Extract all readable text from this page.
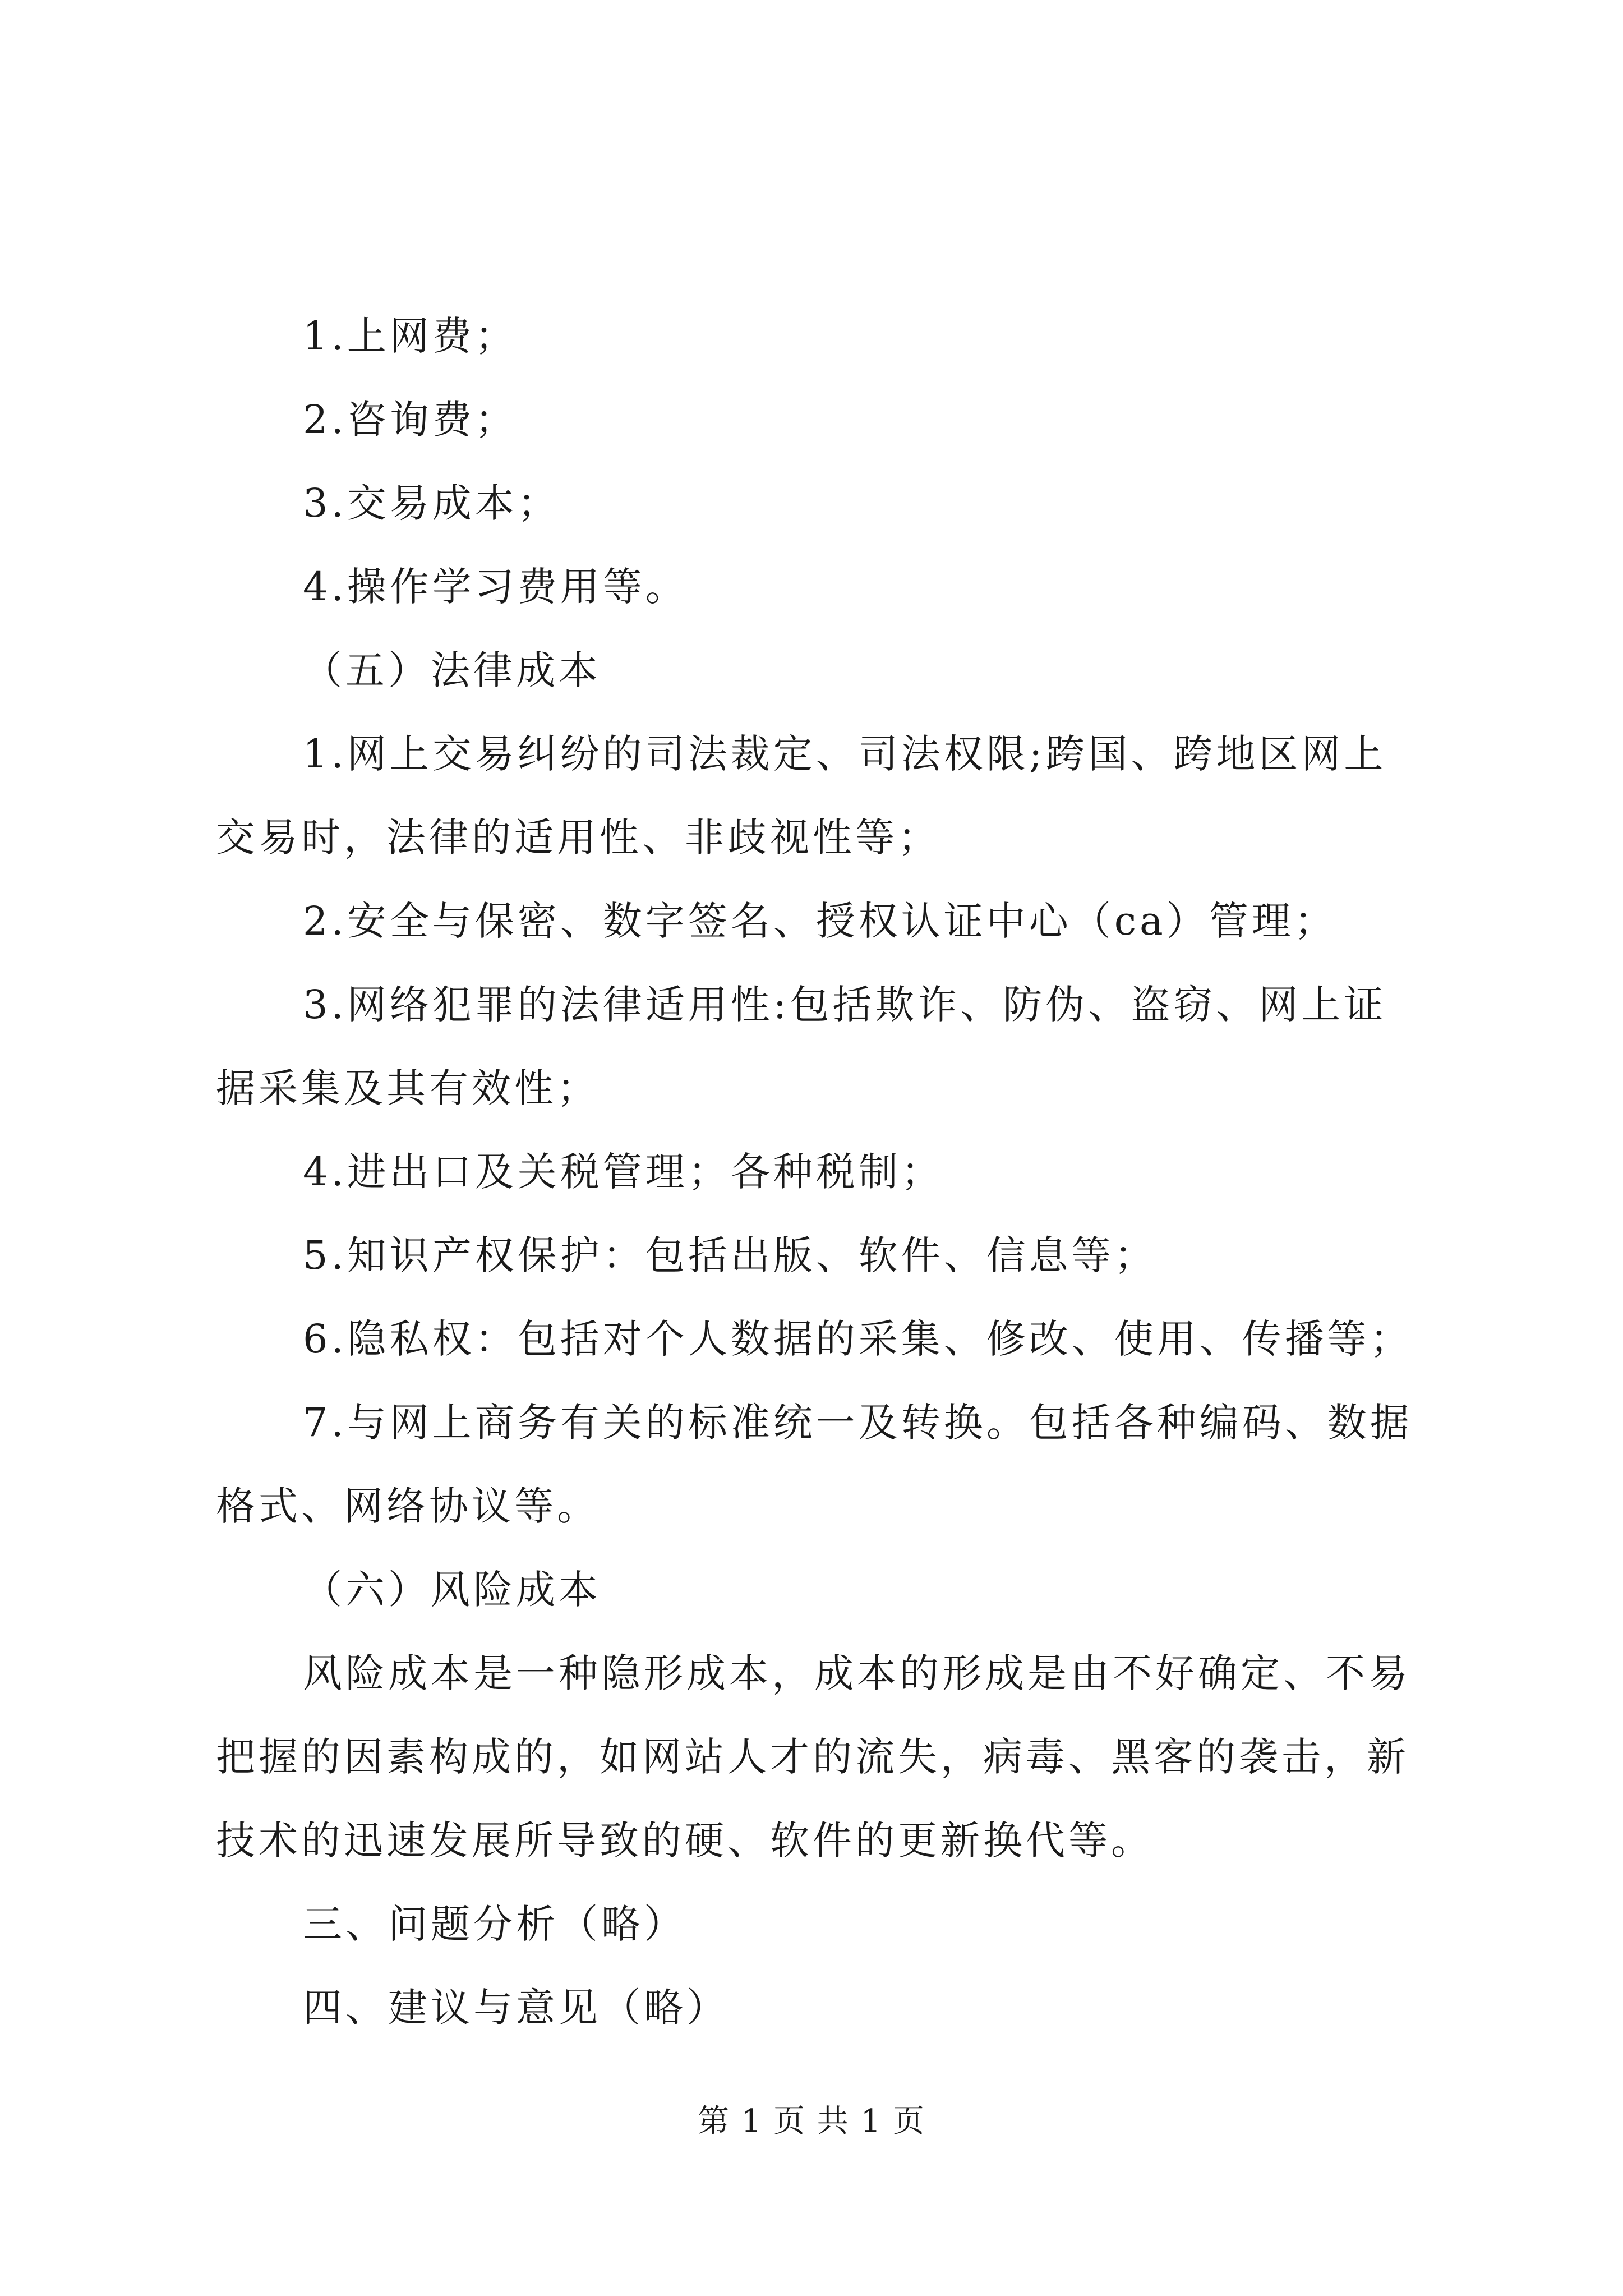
1.上网费；

2.咨询费；

3.交易成本；

4.操作学习费用等。

（五）法律成本

1.网上交易纠纷的司法裁定、司法权限;跨国、跨地区网上交易时，法律的适用性、非歧视性等；

2.安全与保密、数字签名、授权认证中心（ca）管理；

3.网络犯罪的法律适用性:包括欺诈、防伪、盗窃、网上证据采集及其有效性；

4.进出口及关税管理；各种税制；

5.知识产权保护：包括出版、软件、信息等；

6.隐私权：包括对个人数据的采集、修改、使用、传播等；

7.与网上商务有关的标准统一及转换。包括各种编码、数据格式、网络协议等。

（六）风险成本

风险成本是一种隐形成本，成本的形成是由不好确定、不易把握的因素构成的，如网站人才的流失，病毒、黑客的袭击，新技术的迅速发展所导致的硬、软件的更新换代等。

三、问题分析（略）

四、建议与意见（略）

第 1 页 共 1 页
